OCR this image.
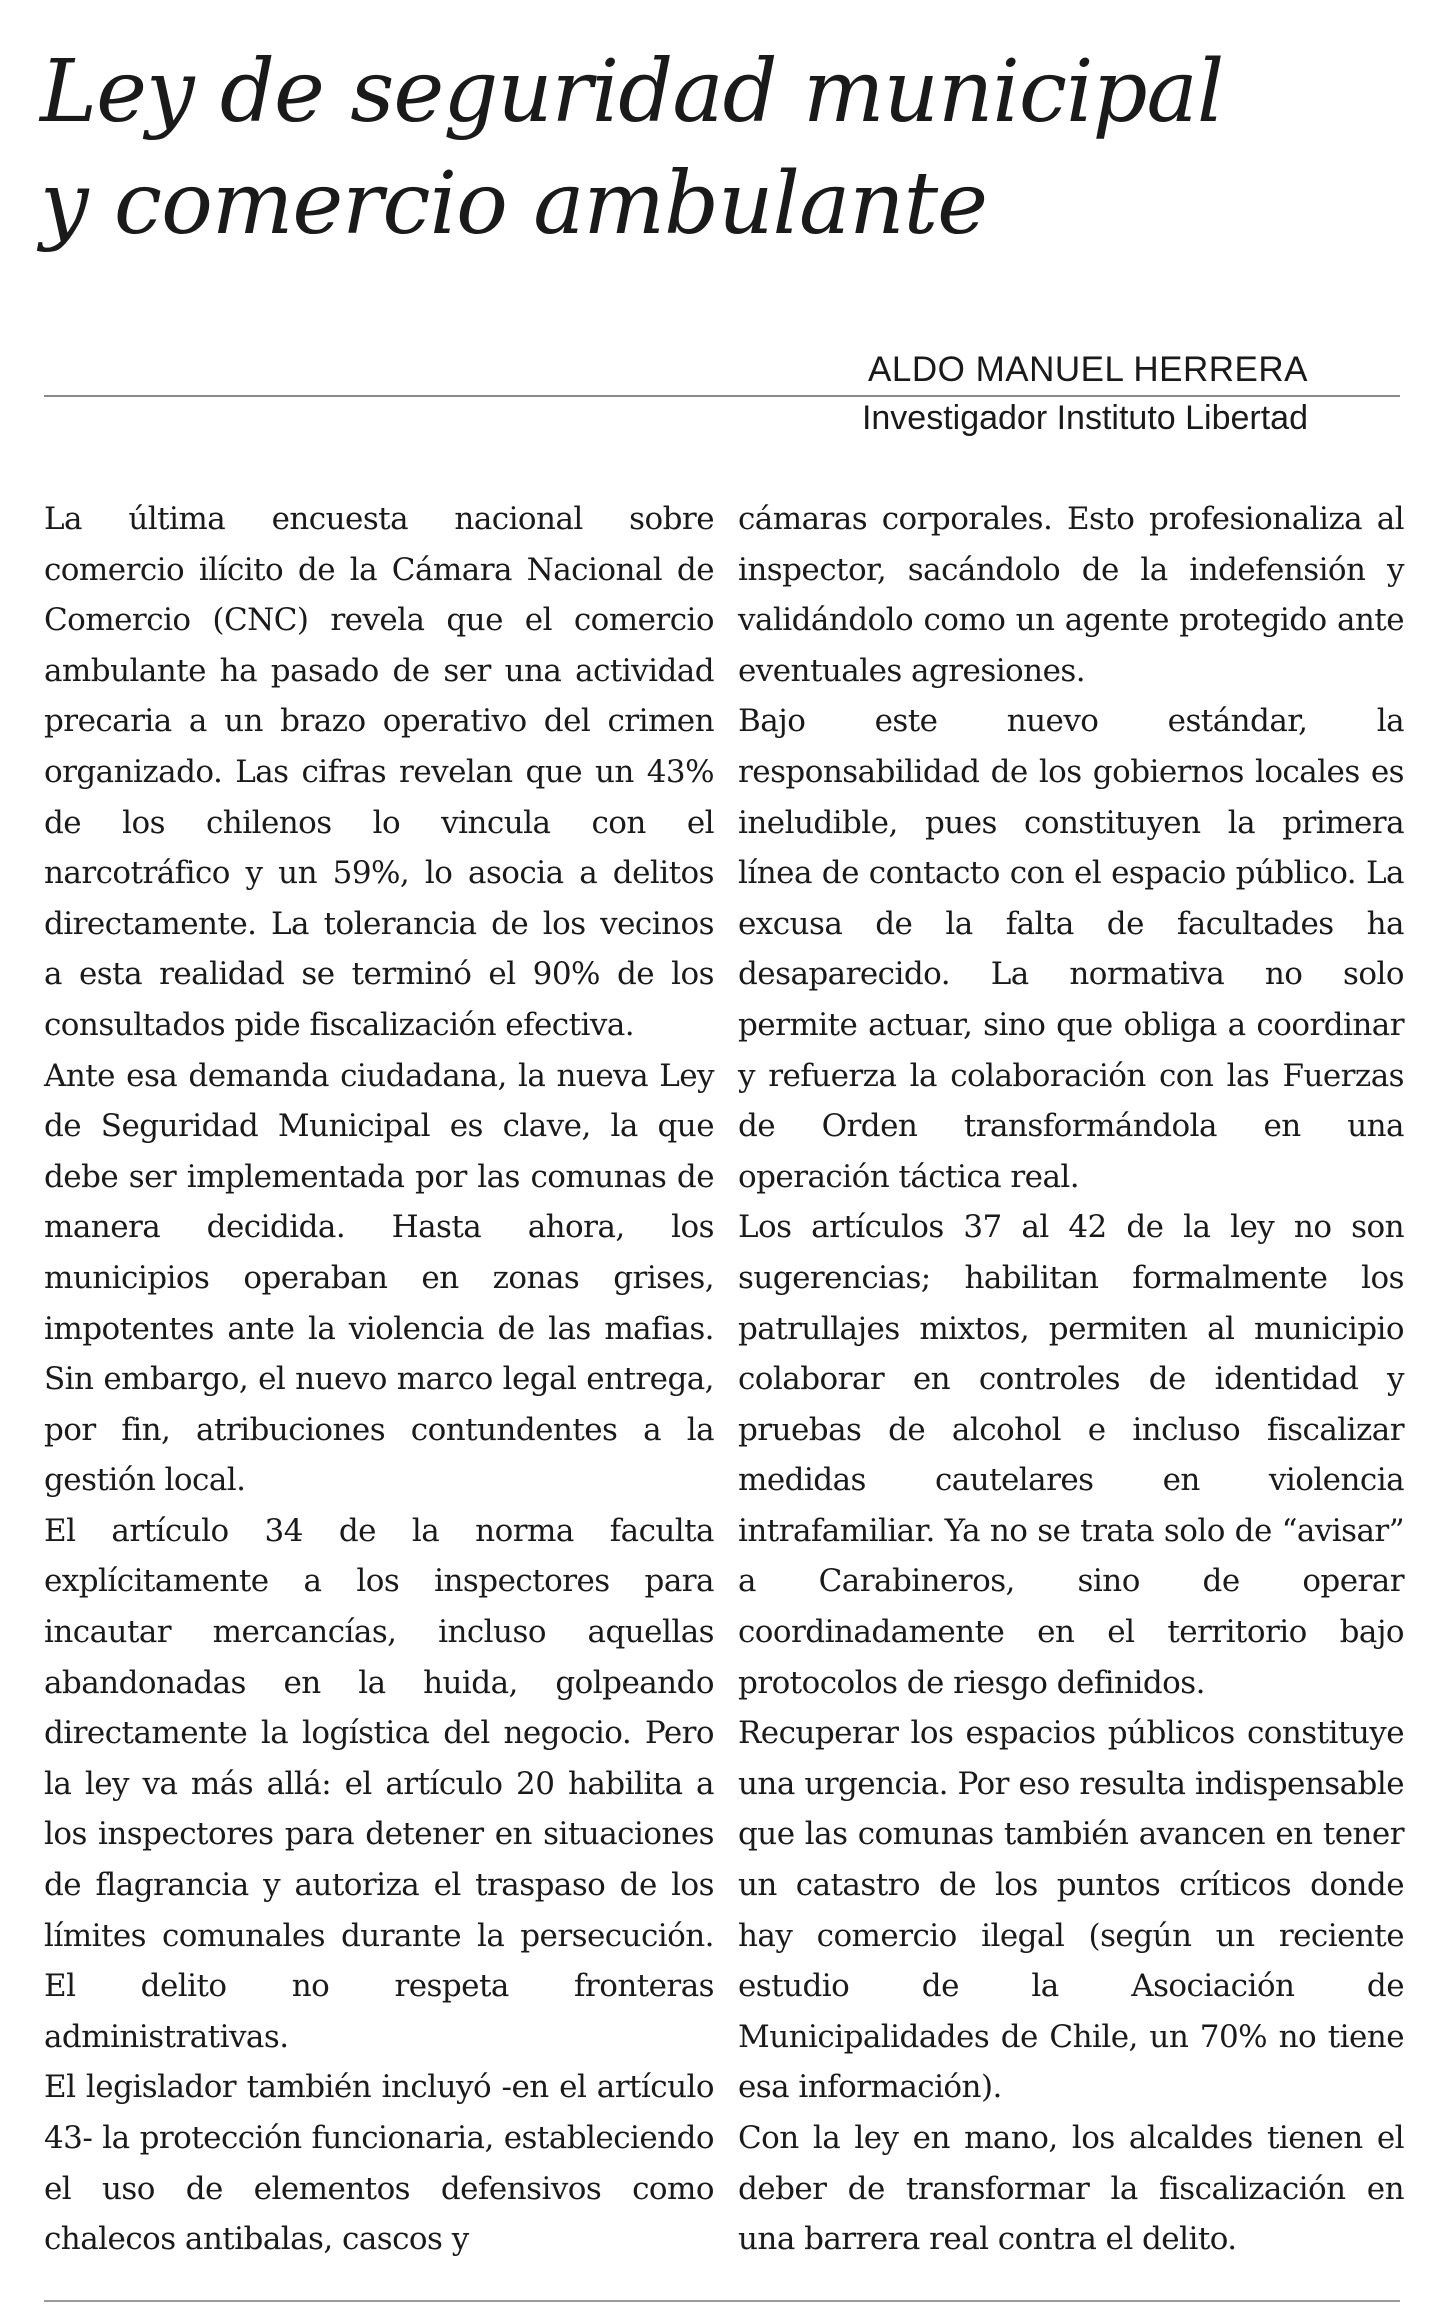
Ley de seguridad municipal
y comercio ambulante
ALDO MANUEL HERRERA
Investigador Instituto Libertad

La última encuesta nacional sobre comercio ilícito de la Cámara Nacional de Comercio (CNC) revela que el comercio ambulante ha pasado de ser una actividad precaria a un brazo operativo del crimen organizado. Las cifras revelan que un 43% de los chilenos lo vincula con el narcotráfico y un 59%, lo asocia a delitos directamente. La tolerancia de los vecinos a esta realidad se terminó el 90% de los consultados pide fiscalización efectiva.

Ante esa demanda ciudadana, la nueva Ley de Seguridad Municipal es clave, la que debe ser implementada por las comunas de manera decidida. Hasta ahora, los municipios operaban en zonas grises, impotentes ante la violencia de las mafias. Sin embargo, el nuevo marco legal entrega, por fin, atribuciones contundentes a la gestión local.

El artículo 34 de la norma faculta explícitamente a los inspectores para incautar mercancías, incluso aquellas abandonadas en la huida, golpeando directamente la logística del negocio. Pero la ley va más allá: el artículo 20 habilita a los inspectores para detener en situaciones de flagrancia y autoriza el traspaso de los límites comunales durante la persecución. El delito no respeta fronteras administrativas.

El legislador también incluyó -en el artículo 43- la protección funcionaria, estableciendo el uso de elementos defensivos como chalecos antibalas, cascos y

cámaras corporales. Esto profesionaliza al inspector, sacándolo de la indefensión y validándolo como un agente protegido ante eventuales agresiones.

Bajo este nuevo estándar, la responsabilidad de los gobiernos locales es ineludible, pues constituyen la primera línea de contacto con el espacio público. La excusa de la falta de facultades ha desaparecido. La normativa no solo permite actuar, sino que obliga a coordinar y refuerza la colaboración con las Fuerzas de Orden transformándola en una operación táctica real.

Los artículos 37 al 42 de la ley no son sugerencias; habilitan formalmente los patrullajes mixtos, permiten al municipio colaborar en controles de identidad y pruebas de alcohol e incluso fiscalizar medidas cautelares en violencia intrafamiliar. Ya no se trata solo de “avisar” a Carabineros, sino de operar coordinadamente en el territorio bajo protocolos de riesgo definidos.

Recuperar los espacios públicos constituye una urgencia. Por eso resulta indispensable que las comunas también avancen en tener un catastro de los puntos críticos donde hay comercio ilegal (según un reciente estudio de la Asociación de Municipalidades de Chile, un 70% no tiene esa información).

Con la ley en mano, los alcaldes tienen el deber de transformar la fiscalización en una barrera real contra el delito.
